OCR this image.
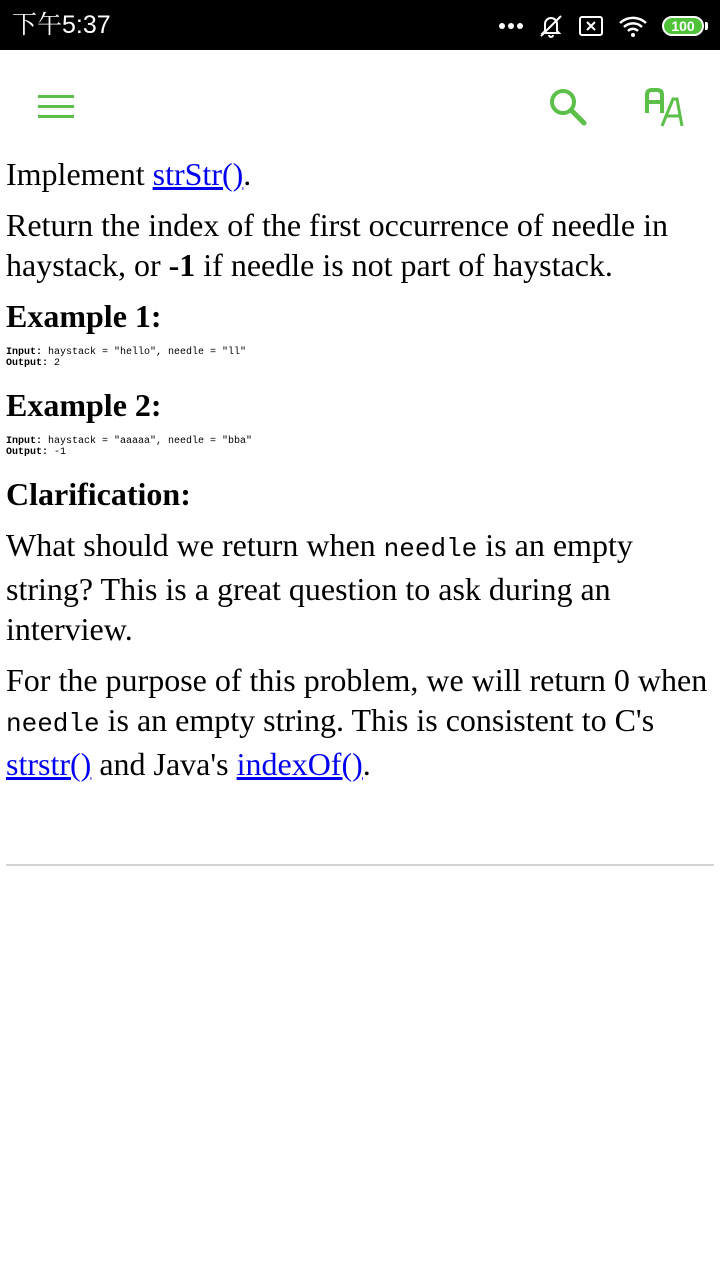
下午5:37	100

Implement strStr().

Return the index of the first occurrence of needle in haystack, or -1 if needle is not part of haystack.

Example 1:
Input: haystack = "hello", needle = "ll"
Output: 2
Example 2:
Input: haystack = "aaaaa", needle = "bba"
Output: -1
Clarification:

What should we return when needle is an empty string? This is a great question to ask during an interview.

For the purpose of this problem, we will return 0 when needle is an empty string. This is consistent to C's strstr() and Java's indexOf().
